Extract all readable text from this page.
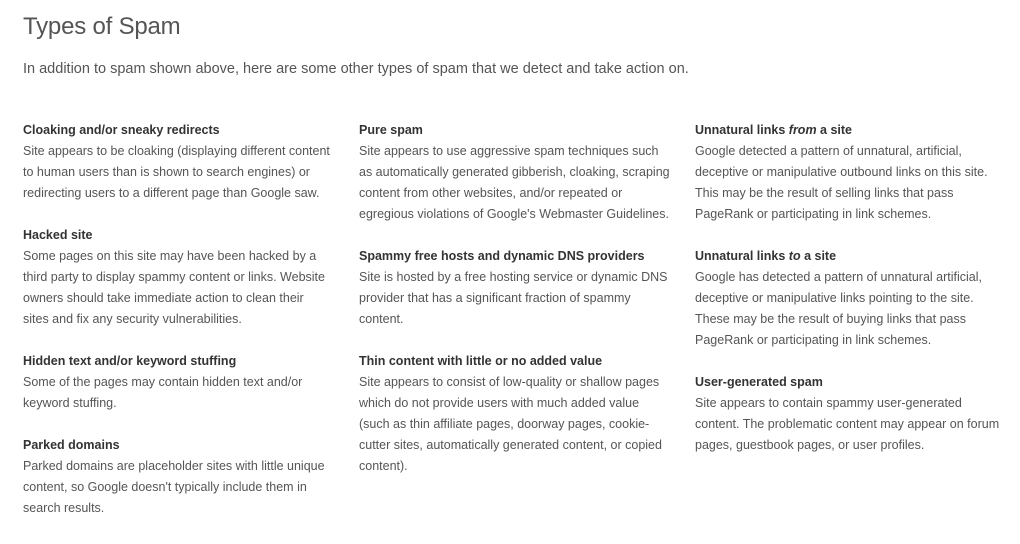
Types of Spam

In addition to spam shown above, here are some other types of spam that we detect and take action on.

Cloaking and/or sneaky redirects

Site appears to be cloaking (displaying different content
to human users than is shown to search engines) or
redirecting users to a different page than Google saw.

Hacked site

Some pages on this site may have been hacked by a
third party to display spammy content or links. Website
owners should take immediate action to clean their
sites and fix any security vulnerabilities.

Hidden text and/or keyword stuffing

Some of the pages may contain hidden text and/or
keyword stuffing.

Parked domains

Parked domains are placeholder sites with little unique
content, so Google doesn't typically include them in
search results.

Pure spam

Site appears to use aggressive spam techniques such
as automatically generated gibberish, cloaking, scraping
content from other websites, and/or repeated or
egregious violations of Google's Webmaster Guidelines.

Spammy free hosts and dynamic DNS providers

Site is hosted by a free hosting service or dynamic DNS
provider that has a significant fraction of spammy
content.

Thin content with little or no added value

Site appears to consist of low-quality or shallow pages
which do not provide users with much added value
(such as thin affiliate pages, doorway pages, cookie-
cutter sites, automatically generated content, or copied
content).

Unnatural links from a site

Google detected a pattern of unnatural, artificial,
deceptive or manipulative outbound links on this site.
This may be the result of selling links that pass
PageRank or participating in link schemes.

Unnatural links to a site

Google has detected a pattern of unnatural artificial,
deceptive or manipulative links pointing to the site.
These may be the result of buying links that pass
PageRank or participating in link schemes.

User-generated spam

Site appears to contain spammy user-generated
content. The problematic content may appear on forum
pages, guestbook pages, or user profiles.
